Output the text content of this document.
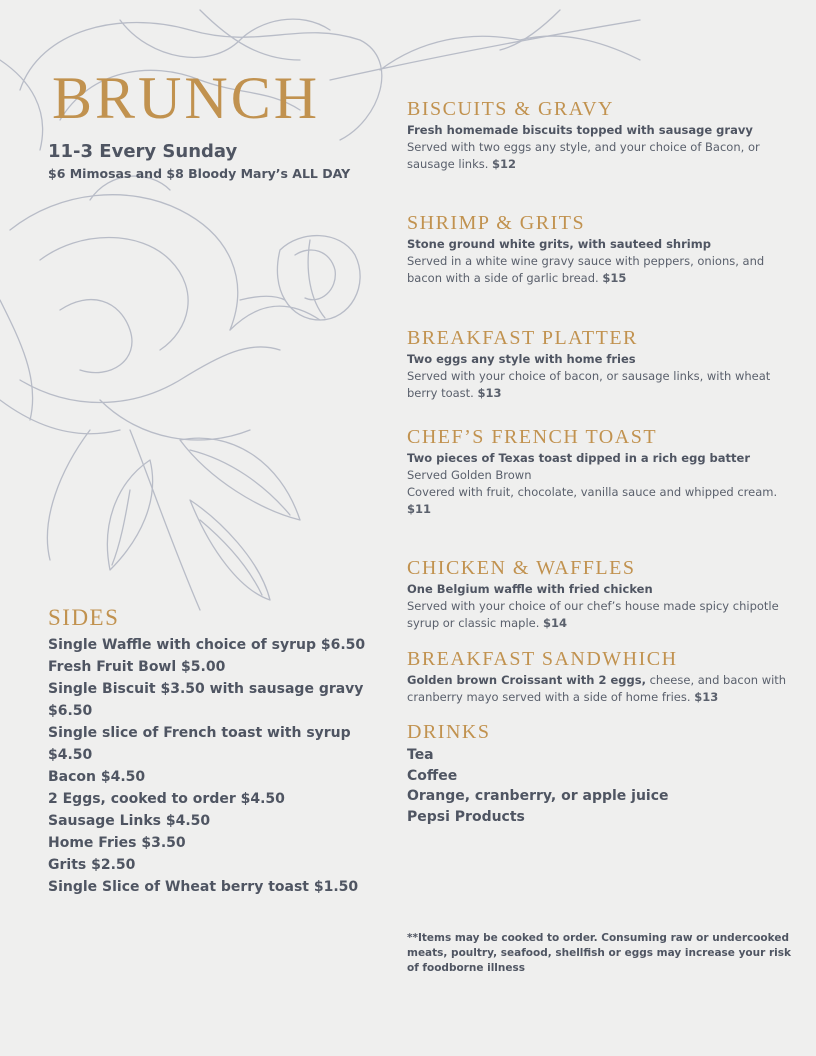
BRUNCH
11-3 Every Sunday
$6 Mimosas and $8 Bloody Mary’s ALL DAY
BISCUITS & GRAVY
Fresh homemade biscuits topped with sausage gravy
Served with two eggs any style, and your choice of Bacon, or sausage links. $12
SHRIMP & GRITS
Stone ground white grits, with sauteed shrimp
Served in a white wine gravy sauce with peppers, onions, and bacon with a side of garlic bread. $15
BREAKFAST PLATTER
Two eggs any style with home fries
Served with your choice of bacon, or sausage links, with wheat berry toast. $13
CHEF’S FRENCH TOAST
Two pieces of Texas toast dipped in a rich egg batter
Served Golden Brown
Covered with fruit, chocolate, vanilla sauce and whipped cream. $11
CHICKEN & WAFFLES
One Belgium waffle with fried chicken
Served with your choice of our chef’s house made spicy chipotle syrup or classic maple. $14
BREAKFAST SANDWHICH
Golden brown Croissant with 2 eggs, cheese, and bacon with cranberry mayo served with a side of home fries. $13
SIDES
Single Waffle with choice of syrup $6.50
Fresh Fruit Bowl $5.00
Single Biscuit $3.50 with sausage gravy $6.50
Single slice of French toast with syrup $4.50
Bacon $4.50
2 Eggs, cooked to order $4.50
Sausage Links $4.50
Home Fries $3.50
Grits $2.50
Single Slice of Wheat berry toast $1.50
DRINKS
Tea
Coffee
Orange, cranberry, or apple juice
Pepsi Products
**Items may be cooked to order. Consuming raw or undercooked meats, poultry, seafood, shellfish or eggs may increase your risk of foodborne illness
